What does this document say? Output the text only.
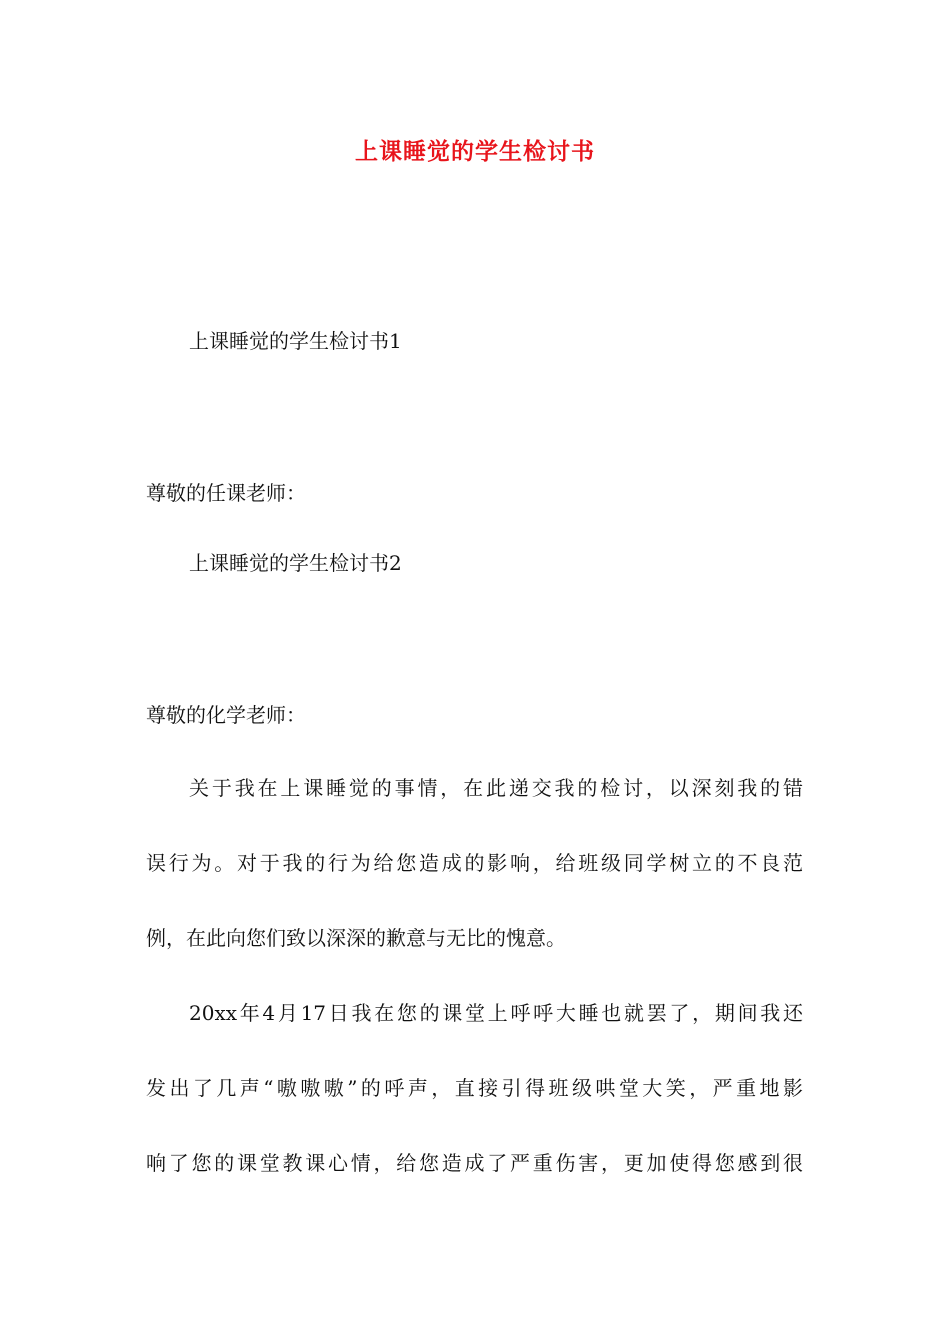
上课睡觉的学生检讨书
上课睡觉的学生检讨书1
尊敬的任课老师：
上课睡觉的学生检讨书2
尊敬的化学老师：
关于我在上课睡觉的事情，在此递交我的检讨，以深刻我的错
误行为。对于我的行为给您造成的影响，给班级同学树立的不良范
例，在此向您们致以深深的歉意与无比的愧意。
20xx年4月17日我在您的课堂上呼呼大睡也就罢了，期间我还
发出了几声“嗷嗷嗷”的呼声，直接引得班级哄堂大笑，严重地影
响了您的课堂教课心情，给您造成了严重伤害，更加使得您感到很
